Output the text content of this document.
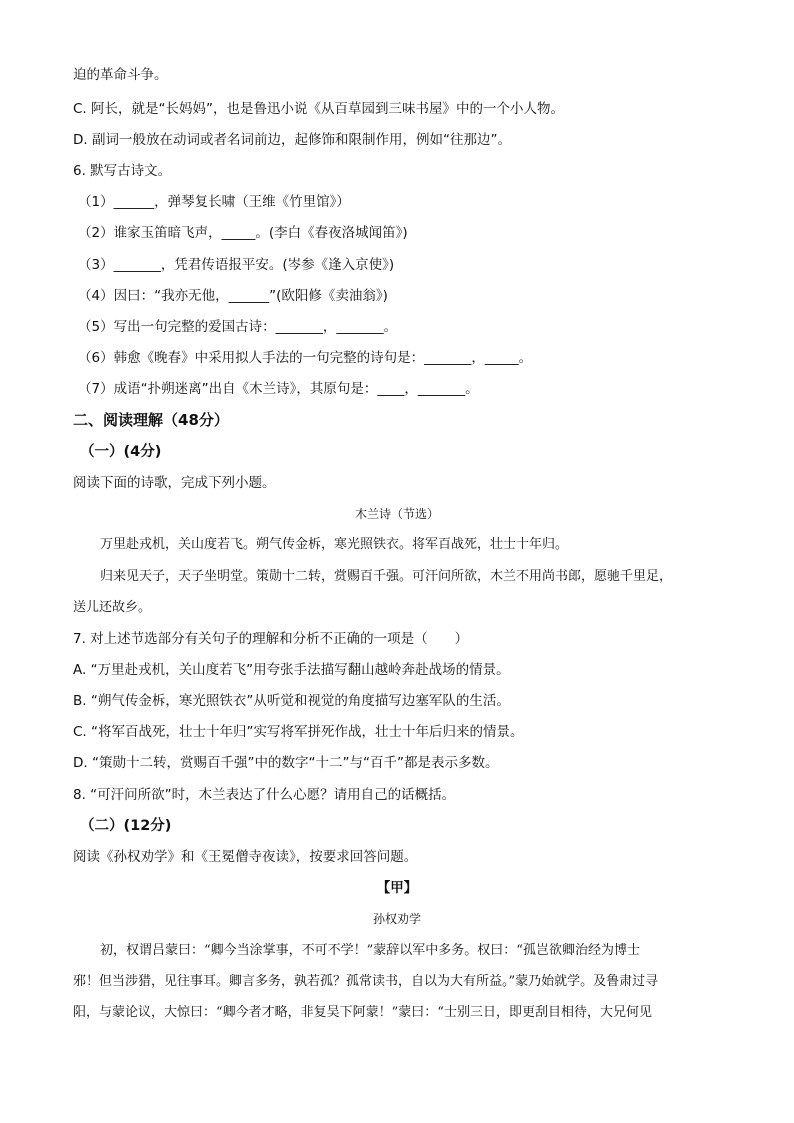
迫的革命斗争。
C. 阿长，就是“长妈妈”，也是鲁迅小说《从百草园到三味书屋》中的一个小人物。
D. 副词一般放在动词或者名词前边，起修饰和限制作用，例如“往那边”。
6. 默写古诗文。
（1）______，弹琴复长啸（王维《竹里馆》）
（2）谁家玉笛暗飞声，_____。(李白《春夜洛城闻笛》)
（3）_______，凭君传语报平安。(岑参《逢入京使》)
（4）因曰：“我亦无他，______”(欧阳修《卖油翁》)
（5）写出一句完整的爱国古诗：_______，_______。
（6）韩愈《晚春》中采用拟人手法的一句完整的诗句是：_______，_____。
（7）成语“扑朔迷离”出自《木兰诗》，其原句是：____，_______。
二、阅读理解（48分）
（一）(4分)
阅读下面的诗歌，完成下列小题。
木兰诗（节选）
万里赴戎机，关山度若飞。朔气传金柝，寒光照铁衣。将军百战死，壮士十年归。
归来见天子，天子坐明堂。策勋十二转，赏赐百千强。可汗问所欲，木兰不用尚书郎，愿驰千里足，
送儿还故乡。
7. 对上述节选部分有关句子的理解和分析不正确的一项是（　　）
A. “万里赴戎机，关山度若飞”用夸张手法描写翻山越岭奔赴战场的情景。
B. “朔气传金柝，寒光照铁衣”从听觉和视觉的角度描写边塞军队的生活。
C. “将军百战死，壮士十年归”实写将军拼死作战，壮士十年后归来的情景。
D. “策勋十二转，赏赐百千强”中的数字“十二”与“百千”都是表示多数。
8. “可汗问所欲”时，木兰表达了什么心愿？请用自己的话概括。
（二）(12分)
阅读《孙权劝学》和《王冕僧寺夜读》，按要求回答问题。
【甲】
孙权劝学
初，权谓吕蒙曰：“卿今当涂掌事，不可不学！”蒙辞以军中多务。权曰：“孤岂欲卿治经为博士
邪！但当涉猎，见往事耳。卿言多务，孰若孤？孤常读书，自以为大有所益。”蒙乃始就学。及鲁肃过寻
阳，与蒙论议，大惊曰：“卿今者才略，非复吴下阿蒙！”蒙曰：“士别三日，即更刮目相待，大兄何见
